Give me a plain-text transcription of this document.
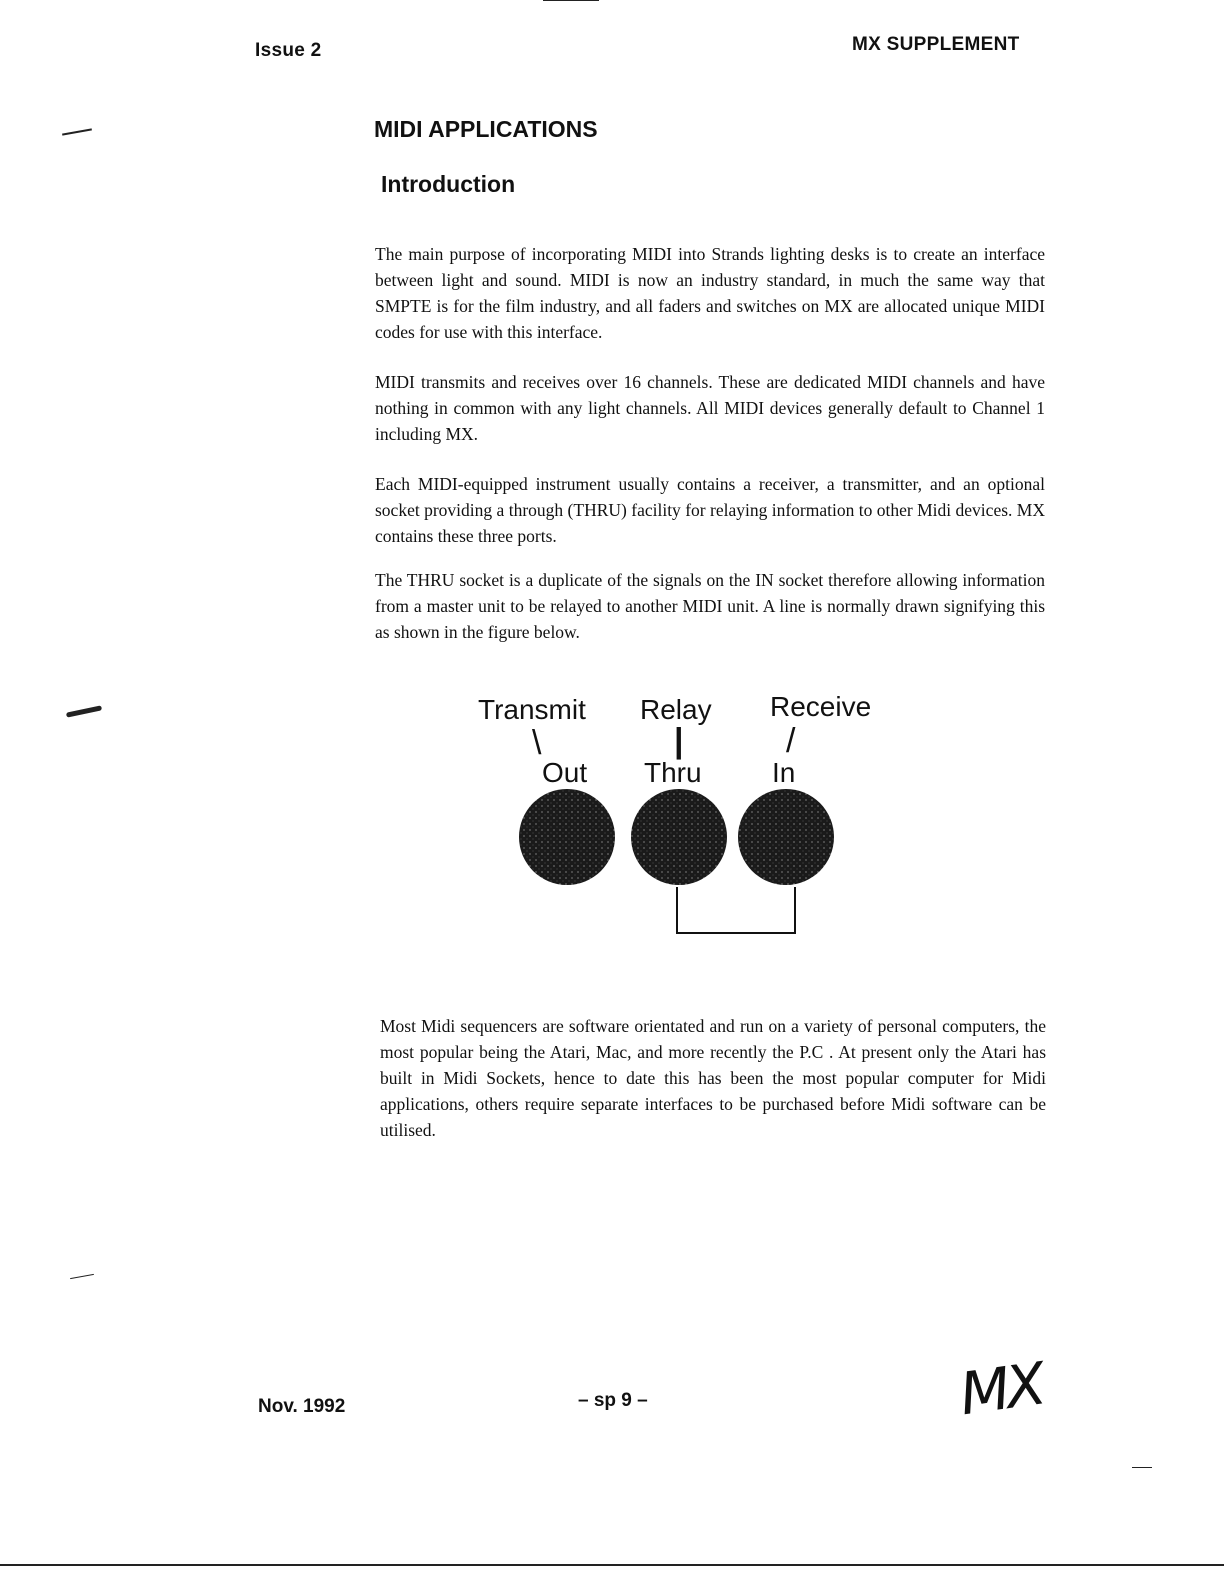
Issue 2	MX SUPPLEMENT
MIDI APPLICATIONS
Introduction

The main purpose of incorporating MIDI into Strands lighting desks is to create an interface between light and sound. MIDI is now an industry standard, in much the same way that SMPTE is for the film industry, and all faders and switches on MX are allocated unique MIDI codes for use with this interface.

MIDI transmits and receives over 16 channels. These are dedicated MIDI channels and have nothing in common with any light channels. All MIDI devices generally default to Channel 1 including MX.

Each MIDI-equipped instrument usually contains a receiver, a transmitter, and an optional socket providing a through (THRU) facility for relaying information to other Midi devices. MX contains these three ports.

The THRU socket is a duplicate of the signals on the IN socket therefore allowing information from a master unit to be relayed to another MIDI unit. A line is normally drawn signifying this as shown in the figure below.

Transmit Relay Receive
\	|	/
Out Thru	In

Most Midi sequencers are software orientated and run on a variety of personal computers, the most popular being the Atari, Mac, and more recently the P.C . At present only the Atari has built in Midi Sockets, hence to date this has been the most popular computer for Midi applications, others require separate interfaces to be purchased before Midi software can be utilised.

Nov. 1992	– sp 9 –	MX
